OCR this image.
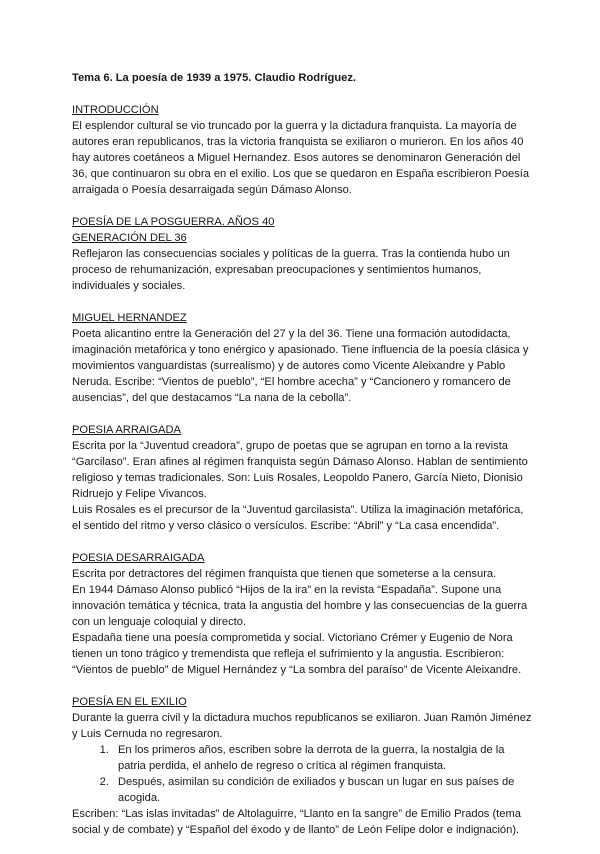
Tema 6. La poesía de 1939 a 1975. Claudio Rodríguez.

INTRODUCCIÓN

El esplendor cultural se vio truncado por la guerra y la dictadura franquista. La mayoría de autores eran republicanos, tras la victoria franquista se exiliaron o murieron. En los años 40 hay autores coetáneos a Miguel Hernandez. Esos autores se denominaron Generación del 36, que continuaron su obra en el exilio. Los que se quedaron en España escribieron Poesía arraigada o Poesía desarraigada según Dámaso Alonso.

POESÍA DE LA POSGUERRA. AÑOS 40

GENERACIÓN DEL 36

Reflejaron las consecuencias sociales y políticas de la guerra. Tras la contienda hubo un proceso de rehumanización, expresaban preocupaciones y sentimientos humanos, individuales y sociales.

MIGUEL HERNANDEZ

Poeta alicantino entre la Generación del 27 y la del 36. Tiene una formación autodidacta, imaginación metafórica y tono enérgico y apasionado. Tiene influencia de la poesía clásica y movimientos vanguardistas (surrealismo) y de autores como Vicente Aleixandre y Pablo Neruda. Escribe: “Vientos de pueblo”, “El hombre acecha” y “Cancionero y romancero de ausencias”, del que destacamos “La nana de la cebolla”.

POESIA ARRAIGADA

Escrita por la “Juventud creadora”, grupo de poetas que se agrupan en torno a la revista “Garcilaso”. Eran afines al régimen franquista según Dámaso Alonso. Hablan de sentimiento religioso y temas tradicionales. Son: Luis Rosales, Leopoldo Panero, García Nieto, Dionisio Ridruejo y Felipe Vivancos.

Luis Rosales es el precursor de la “Juventud garcilasista”. Utiliza la imaginación metafórica, el sentido del ritmo y verso clásico o versículos. Escribe: “Abril” y “La casa encendida”.

POESIA DESARRAIGADA

Escrita por detractores del régimen franquista que tienen que someterse a la censura.

En 1944 Dámaso Alonso publicó “Hijos de la ira” en la revista “Espadaña”. Supone una innovación temática y técnica, trata la angustia del hombre y las consecuencias de la guerra con un lenguaje coloquial y directo.

Espadaña tiene una poesía comprometida y social. Victoriano Crémer y Eugenio de Nora tienen un tono trágico y tremendista que refleja el sufrimiento y la angustia. Escribieron: “Vientos de pueblo” de Miguel Hernández y “La sombra del paraíso” de Vicente Aleixandre.

POESÍA EN EL EXILIO

Durante la guerra civil y la dictadura muchos republicanos se exiliaron. Juan Ramón Jiménez y Luis Cernuda no regresaron.

1. En los primeros años, escriben sobre la derrota de la guerra, la nostalgia de la patria perdida, el anhelo de regreso o crítica al régimen franquista.
2. Después, asimilan su condición de exiliados y buscan un lugar en sus países de acogida.

Escriben: “Las islas invitadas” de Altolaguirre, “Llanto en la sangre” de Emilio Prados (tema social y de combate) y “Español del éxodo y de llanto” de León Felipe dolor e indignación).
